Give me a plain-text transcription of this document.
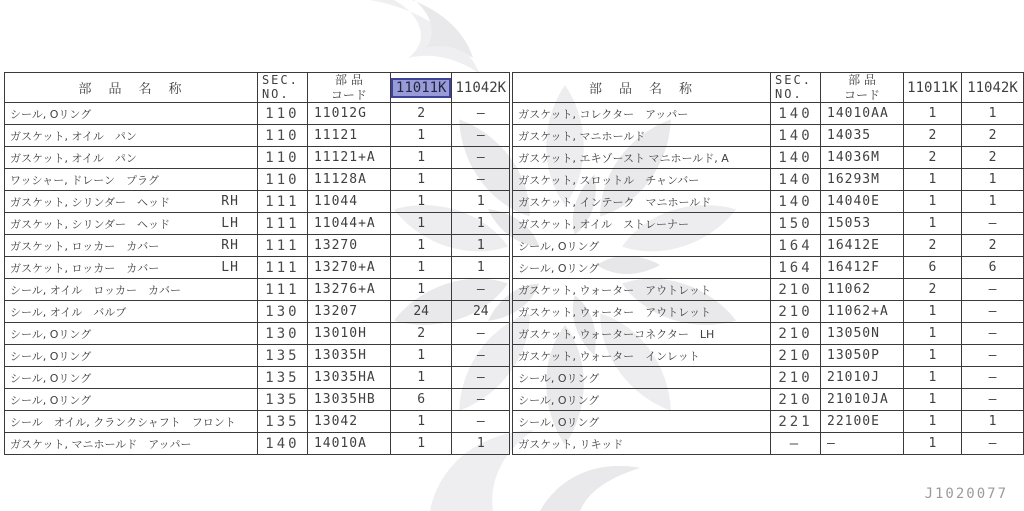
部　品　名　称	SEC.
NO.	部 品
コード	11011K	11042K

シール, Oリング	110	11012G	2	–

ガスケット, オイル　パン	110	11121	1	–

ガスケット, オイル　パン	110	11121+A	1	–

ワッシャー, ドレーン　プラグ	110	11128A	1	–

ガスケット, シリンダー　ヘッド RH	111	11044	1	1

ガスケット, シリンダー　ヘッド LH	111	11044+A	1	1

ガスケット, ロッカー　カバー RH	111	13270	1	1

ガスケット, ロッカー　カバー LH	111	13270+A	1	1

シール, オイル　ロッカー　カバー	111	13276+A	1	–

シール, オイル　バルブ	130	13207	24	24

シール, Oリング	130	13010H	2	–

シール, Oリング	135	13035H	1	–

シール, Oリング	135	13035HA	1	–

シール, Oリング	135	13035HB	6	–

シール　オイル, クランクシャフト　フロント	135	13042	1	–

ガスケット, マニホールド　アッパー	140	14010A	1	1
部　品　名　称	SEC.
NO.	部 品
コード	11011K	11042K

ガスケット, コレクター　アッパー	140	14010AA	1	1

ガスケット, マニホールド	140	14035	2	2

ガスケット, エキゾースト マニホールド, A	140	14036M	2	2

ガスケット, スロットル　チャンバー	140	16293M	1	1

ガスケット, インテーク　マニホールド	140	14040E	1	1

ガスケット, オイル　ストレーナー	150	15053	1	–

シール, Oリング	164	16412E	2	2

シール, Oリング	164	16412F	6	6

ガスケット, ウォーター　アウトレット	210	11062	2	–

ガスケット, ウォーター　アウトレット	210	11062+A	1	–

ガスケット, ウォーターコネクター　LH	210	13050N	1	–

ガスケット, ウォーター　インレット	210	13050P	1	–

シール, Oリング	210	21010J	1	–

シール, Oリング	210	21010JA	1	–

シール, Oリング	221	22100E	1	1

ガスケット, リキッド	–	–	1	–
J1020077
